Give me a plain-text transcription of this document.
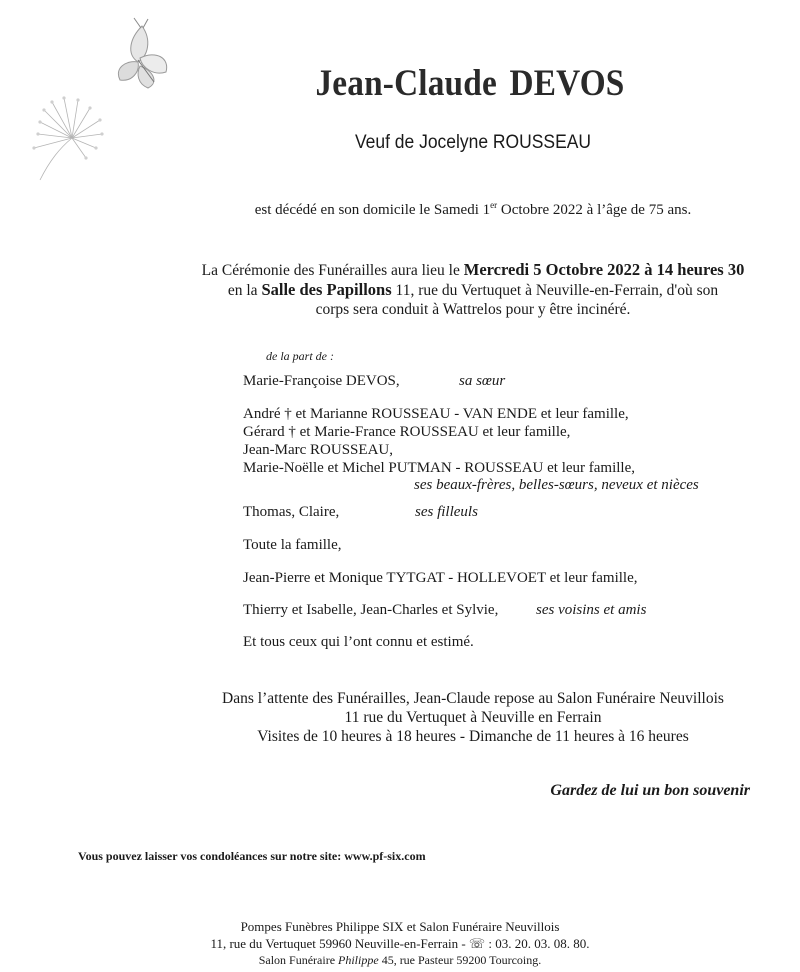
Jean-Claude DEVOS
Veuf de Jocelyne ROUSSEAU
est décédé en son domicile le Samedi 1er Octobre 2022 à l’âge de 75 ans.
La Cérémonie des Funérailles aura lieu le Mercredi 5 Octobre 2022 à 14 heures 30
en la Salle des Papillons 11, rue du Vertuquet à Neuville-en-Ferrain, d'où son
corps sera conduit à Wattrelos pour y être incinéré.
de la part de :
Marie-Françoise DEVOS,	sa sœur
André † et Marianne ROUSSEAU - VAN ENDE et leur famille,
Gérard † et Marie-France ROUSSEAU et leur famille,
Jean-Marc ROUSSEAU,
Marie-Noëlle et Michel PUTMAN - ROUSSEAU et leur famille,
ses beaux-frères, belles-sœurs, neveux et nièces
Thomas, Claire,	ses filleuls
Toute la famille,
Jean-Pierre et Monique TYTGAT - HOLLEVOET et leur famille,
Thierry et Isabelle, Jean-Charles et Sylvie,	ses voisins et amis
Et tous ceux qui l’ont connu et estimé.
Dans l’attente des Funérailles, Jean-Claude repose au Salon Funéraire Neuvillois
11 rue du Vertuquet à Neuville en Ferrain
Visites de 10 heures à 18 heures - Dimanche de 11 heures à 16 heures
Gardez de lui un bon souvenir
Vous pouvez laisser vos condoléances sur notre site: www.pf-six.com
Pompes Funèbres Philippe SIX et Salon Funéraire Neuvillois
11, rue du Vertuquet 59960 Neuville-en-Ferrain - ☏ : 03. 20. 03. 08. 80.
Salon Funéraire Philippe 45, rue Pasteur 59200 Tourcoing.
